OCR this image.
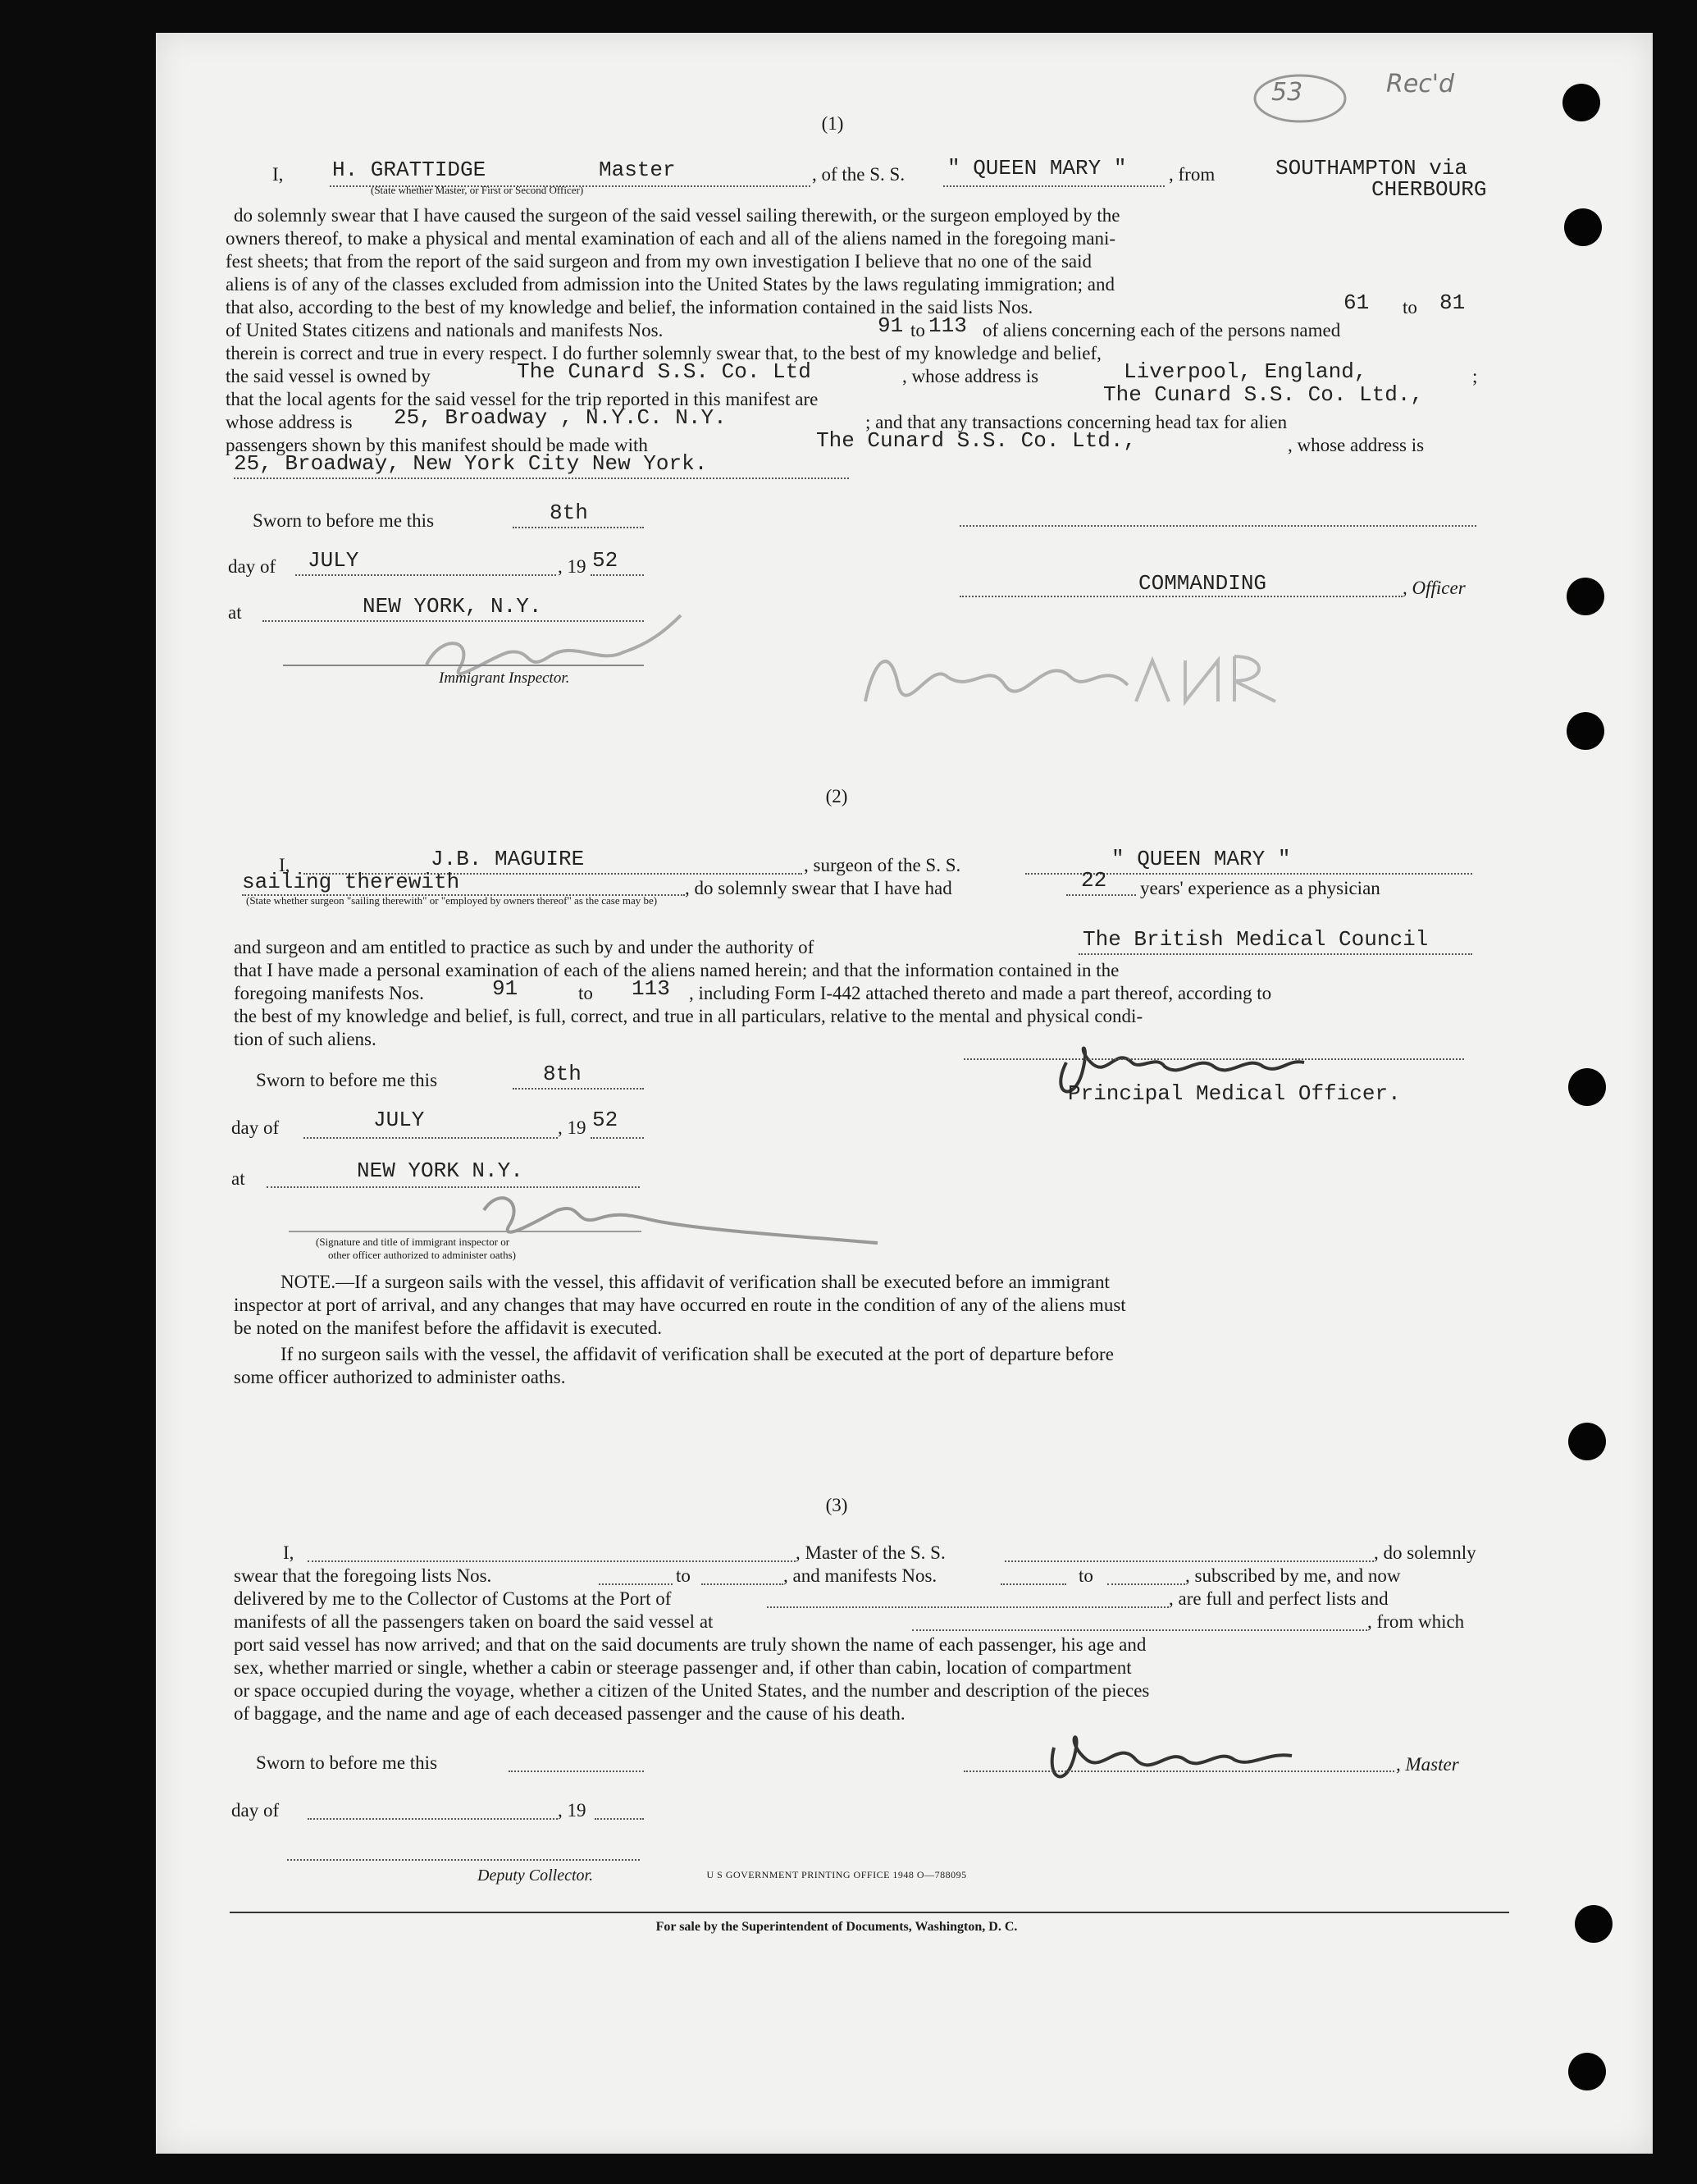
53	Rec'd
(1)
I, H. GRATTIDGE	Master
(State whether Master, or First or Second Officer)
, of the S. S. " QUEEN MARY " , from	SOUTHAMPTON via
CHERBOURG
do solemnly swear that I have caused the surgeon of the said vessel sailing therewith, or the surgeon employed by the
owners thereof, to make a physical and mental examination of each and all of the aliens named in the foregoing mani-
fest sheets; that from the report of the said surgeon and from my own investigation I believe that no one of the said
aliens is of any of the classes excluded from admission into the United States by the laws regulating immigration; and
that also, according to the best of my knowledge and belief, the information contained in the said lists Nos.	61 to 81
of United States citizens and nationals and manifests Nos.	91 to 113 of aliens concerning each of the persons named
therein is correct and true in every respect. I do further solemnly swear that, to the best of my knowledge and belief,
the said vessel is owned by	The Cunard S.S. Co. Ltd	, whose address is	Liverpool, England,	;
that the local agents for the said vessel for the trip reported in this manifest are	The Cunard S.S. Co. Ltd.,
whose address is 25, Broadway , N.Y.C. N.Y.	; and that any transactions concerning head tax for alien
passengers shown by this manifest should be made with	The Cunard S.S. Co. Ltd.,	, whose address is
25, Broadway, New York City New York.
Sworn to before me this	8th
day of JULY	, 19 52
COMMANDING	, Officer
at	NEW YORK, N.Y.
Immigrant Inspector.
(2)
I,	J.B. MAGUIRE	, surgeon of the S. S.	" QUEEN MARY "
sailing therewith
(State whether surgeon "sailing therewith" or "employed by owners thereof" as the case may be)
, do solemnly swear that I have had	22 years' experience as a physician
and surgeon and am entitled to practice as such by and under the authority of	The British Medical Council
that I have made a personal examination of each of the aliens named herein; and that the information contained in the
foregoing manifests Nos.	91	to 113 , including Form I-442 attached thereto and made a part thereof, according to
the best of my knowledge and belief, is full, correct, and true in all particulars, relative to the mental and physical condi-
tion of such aliens.
Sworn to before me this	8th
Principal Medical Officer.
day of	JULY	, 19 52
at	NEW YORK N.Y.
(Signature and title of immigrant inspector or
other officer authorized to administer oaths)
NOTE.—If a surgeon sails with the vessel, this affidavit of verification shall be executed before an immigrant
inspector at port of arrival, and any changes that may have occurred en route in the condition of any of the aliens must
be noted on the manifest before the affidavit is executed.
If no surgeon sails with the vessel, the affidavit of verification shall be executed at the port of departure before
some officer authorized to administer oaths.
(3)
I,	, Master of the S. S.	, do solemnly
swear that the foregoing lists Nos.	to	, and manifests Nos.	to	, subscribed by me, and now
delivered by me to the Collector of Customs at the Port of	, are full and perfect lists and
manifests of all the passengers taken on board the said vessel at	, from which
port said vessel has now arrived; and that on the said documents are truly shown the name of each passenger, his age and
sex, whether married or single, whether a cabin or steerage passenger and, if other than cabin, location of compartment
or space occupied during the voyage, whether a citizen of the United States, and the number and description of the pieces
of baggage, and the name and age of each deceased passenger and the cause of his death.
Sworn to before me this	, Master
day of	, 19
Deputy Collector.	U S GOVERNMENT PRINTING OFFICE 1948 O—788095
For sale by the Superintendent of Documents, Washington, D. C.
